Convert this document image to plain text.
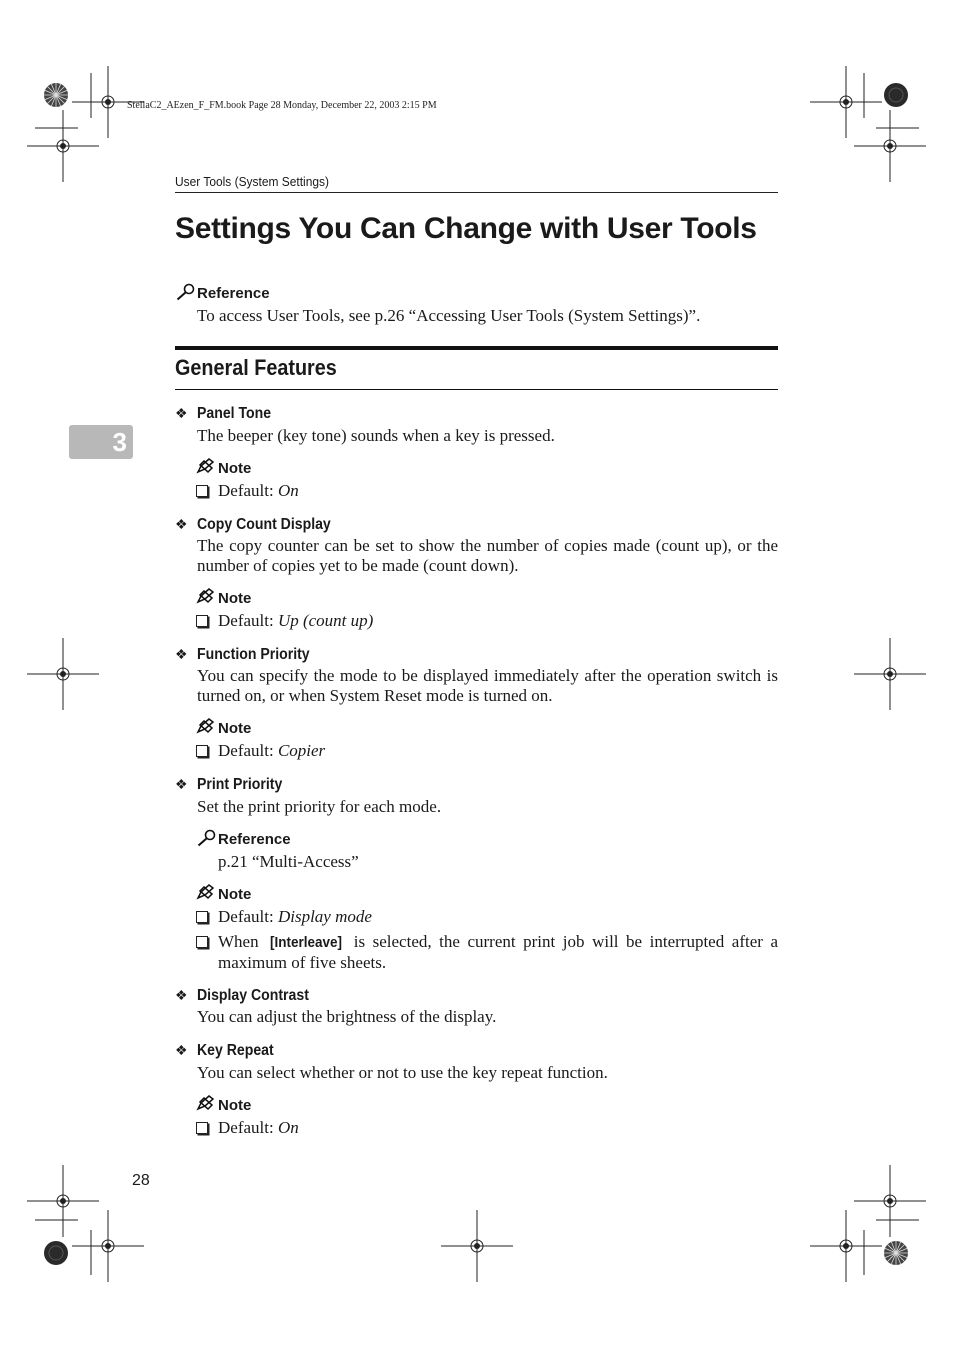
StellaC2_AEzen_F_FM.book Page 28 Monday, December 22, 2003 2:15 PM
User Tools (System Settings)
Settings You Can Change with User Tools
Reference
To access User Tools, see p.26 “Accessing User Tools (System Settings)”.
General Features
3
❖ Panel Tone
The beeper (key tone) sounds when a key is pressed.
Note
Default: On
❖ Copy Count Display
The copy counter can be set to show the number of copies made (count up), or the number of copies yet to be made (count down).
Note
Default: Up (count up)
❖ Function Priority
You can specify the mode to be displayed immediately after the operation switch is turned on, or when System Reset mode is turned on.
Note
Default: Copier
❖ Print Priority
Set the print priority for each mode.
Reference
p.21 “Multi-Access”
Note
Default: Display mode
When [Interleave] is selected, the current print job will be interrupted after a maximum of five sheets.
❖ Display Contrast
You can adjust the brightness of the display.
❖ Key Repeat
You can select whether or not to use the key repeat function.
Note
Default: On
28
